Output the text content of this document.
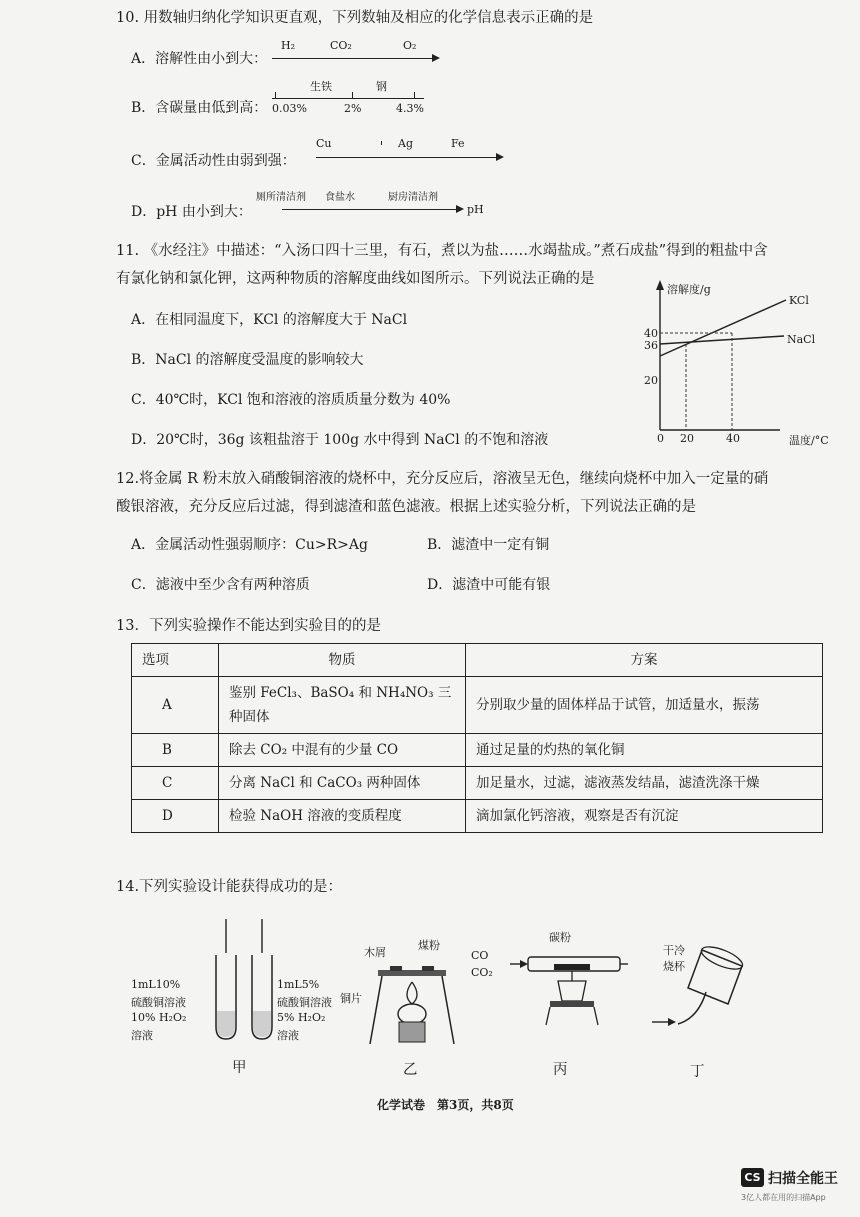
10. 用数轴归纳化学知识更直观，下列数轴及相应的化学信息表示正确的是
A．溶解性由小到大：
H₂	CO₂	O₂
B．含碳量由低到高：
生铁	钢
0.03%	2%	4.3%
C．金属活动性由弱到强：
Cu	Ag	Fe
D．pH 由小到大：
厕所清洁剂 食盐水	厨房清洁剂
pH
11. 《水经注》中描述：“入汤口四十三里，有石，煮以为盐……水竭盐成。”煮石成盐”得到的粗盐中含
有氯化钠和氯化钾，这两种物质的溶解度曲线如图所示。下列说法正确的是
A．在相同温度下，KCl 的溶解度大于 NaCl
B．NaCl 的溶解度受温度的影响较大
C．40℃时，KCl 饱和溶液的溶质质量分数为 40%
D．20℃时，36g 该粗盐溶于 100g 水中得到 NaCl 的不饱和溶液
溶解度/g
KCl
NaCl
40
36
20
0 20	40	温度/°C
12.将金属 R 粉末放入硝酸铜溶液的烧杯中，充分反应后，溶液呈无色，继续向烧杯中加入一定量的硝
酸银溶液，充分反应后过滤，得到滤渣和蓝色滤液。根据上述实验分析，下列说法正确的是
A．金属活动性强弱顺序：Cu>R>Ag	B．滤渣中一定有铜
C．滤液中至少含有两种溶质	D．滤渣中可能有银
13．下列实验操作不能达到实验目的的是
选项	物质	方案
A	鉴别 FeCl₃、BaSO₄ 和 NH₄NO₃ 三种固体	分别取少量的固体样品于试管，加适量水，振荡
B	除去 CO₂ 中混有的少量 CO	通过足量的灼热的氧化铜
C	分离 NaCl 和 CaCO₃ 两种固体	加足量水，过滤，滤液蒸发结晶，滤渣洗涤干燥
D	检验 NaOH 溶液的变质程度	滴加氯化钙溶液，观察是否有沉淀
14.下列实验设计能获得成功的是：
1mL10%
硫酸铜溶液
10% H₂O₂
溶液
1mL5%
硫酸铜溶液
5% H₂O₂
溶液
甲
木屑
煤粉
铜片
乙
碳粉
CO
CO₂
丙
干冷
烧杯
丁
化学试卷　第3页，共8页
CS 扫描全能王
3亿人都在用的扫描App
